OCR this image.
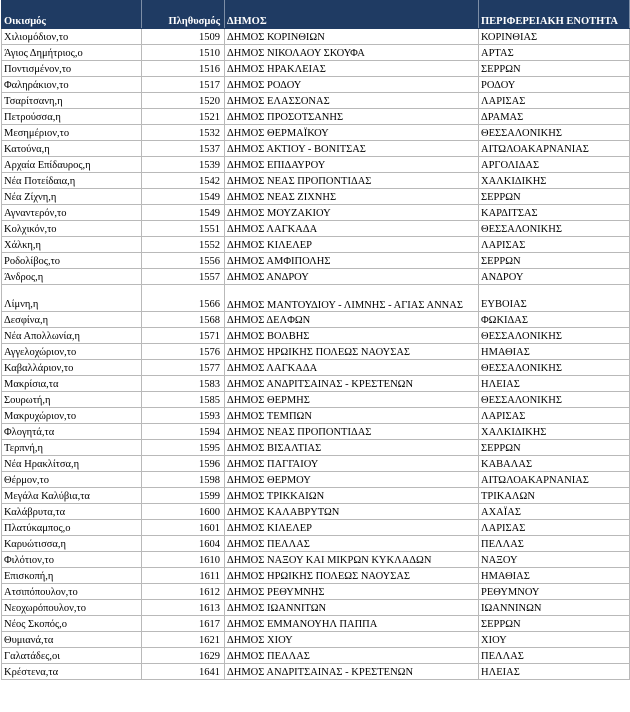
Οικισμός	Πληθυσμός	ΔΗΜΟΣ	ΠΕΡΙΦΕΡΕΙΑΚΗ ΕΝΟΤΗΤΑ
Χιλιομόδιον,το	1509	ΔΗΜΟΣ ΚΟΡΙΝΘΙΩΝ	ΚΟΡΙΝΘΙΑΣ
Άγιος Δημήτριος,ο	1510	ΔΗΜΟΣ ΝΙΚΟΛΑΟΥ ΣΚΟΥΦΑ	ΑΡΤΑΣ
Ποντισμένον,το	1516	ΔΗΜΟΣ ΗΡΑΚΛΕΙΑΣ	ΣΕΡΡΩΝ
Φαληράκιον,το	1517	ΔΗΜΟΣ ΡΟΔΟΥ	ΡΟΔΟΥ
Τσαρίτσανη,η	1520	ΔΗΜΟΣ ΕΛΑΣΣΟΝΑΣ	ΛΑΡΙΣΑΣ
Πετρούσσα,η	1521	ΔΗΜΟΣ ΠΡΟΣΟΤΣΑΝΗΣ	ΔΡΑΜΑΣ
Μεσημέριον,το	1532	ΔΗΜΟΣ ΘΕΡΜΑΪΚΟΥ	ΘΕΣΣΑΛΟΝΙΚΗΣ
Κατούνα,η	1537	ΔΗΜΟΣ ΑΚΤΙΟΥ - ΒΟΝΙΤΣΑΣ	ΑΙΤΩΛΟΑΚΑΡΝΑΝΙΑΣ
Αρχαία Επίδαυρος,η	1539	ΔΗΜΟΣ ΕΠΙΔΑΥΡΟΥ	ΑΡΓΟΛΙΔΑΣ
Νέα Ποτείδαια,η	1542	ΔΗΜΟΣ ΝΕΑΣ ΠΡΟΠΟΝΤΙΔΑΣ	ΧΑΛΚΙΔΙΚΗΣ
Νέα Ζίχνη,η	1549	ΔΗΜΟΣ ΝΕΑΣ ΖΙΧΝΗΣ	ΣΕΡΡΩΝ
Αγναντερόν,το	1549	ΔΗΜΟΣ ΜΟΥΖΑΚΙΟΥ	ΚΑΡΔΙΤΣΑΣ
Κολχικόν,το	1551	ΔΗΜΟΣ ΛΑΓΚΑΔΑ	ΘΕΣΣΑΛΟΝΙΚΗΣ
Χάλκη,η	1552	ΔΗΜΟΣ ΚΙΛΕΛΕΡ	ΛΑΡΙΣΑΣ
Ροδολίβος,το	1556	ΔΗΜΟΣ ΑΜΦΙΠΟΛΗΣ	ΣΕΡΡΩΝ
Άνδρος,η	1557	ΔΗΜΟΣ ΑΝΔΡΟΥ	ΑΝΔΡΟΥ
Λίμνη,η	1566	ΔΗΜΟΣ ΜΑΝΤΟΥΔΙΟΥ - ΛΙΜΝΗΣ - ΑΓΙΑΣ ΑΝΝΑΣ	ΕΥΒΟΙΑΣ
Δεσφίνα,η	1568	ΔΗΜΟΣ ΔΕΛΦΩΝ	ΦΩΚΙΔΑΣ
Νέα Απολλωνία,η	1571	ΔΗΜΟΣ ΒΟΛΒΗΣ	ΘΕΣΣΑΛΟΝΙΚΗΣ
Αγγελοχώριον,το	1576	ΔΗΜΟΣ ΗΡΩΙΚΗΣ ΠΟΛΕΩΣ ΝΑΟΥΣΑΣ	ΗΜΑΘΙΑΣ
Καβαλλάριον,το	1577	ΔΗΜΟΣ ΛΑΓΚΑΔΑ	ΘΕΣΣΑΛΟΝΙΚΗΣ
Μακρίσια,τα	1583	ΔΗΜΟΣ ΑΝΔΡΙΤΣΑΙΝΑΣ - ΚΡΕΣΤΕΝΩΝ	ΗΛΕΙΑΣ
Σουρωτή,η	1585	ΔΗΜΟΣ ΘΕΡΜΗΣ	ΘΕΣΣΑΛΟΝΙΚΗΣ
Μακρυχώριον,το	1593	ΔΗΜΟΣ ΤΕΜΠΩΝ	ΛΑΡΙΣΑΣ
Φλογητά,τα	1594	ΔΗΜΟΣ ΝΕΑΣ ΠΡΟΠΟΝΤΙΔΑΣ	ΧΑΛΚΙΔΙΚΗΣ
Τερπνή,η	1595	ΔΗΜΟΣ ΒΙΣΑΛΤΙΑΣ	ΣΕΡΡΩΝ
Νέα Ηρακλίτσα,η	1596	ΔΗΜΟΣ ΠΑΓΓΑΙΟΥ	ΚΑΒΑΛΑΣ
Θέρμον,το	1598	ΔΗΜΟΣ ΘΕΡΜΟΥ	ΑΙΤΩΛΟΑΚΑΡΝΑΝΙΑΣ
Μεγάλα Καλύβια,τα	1599	ΔΗΜΟΣ ΤΡΙΚΚΑΙΩΝ	ΤΡΙΚΑΛΩΝ
Καλάβρυτα,τα	1600	ΔΗΜΟΣ ΚΑΛΑΒΡΥΤΩΝ	ΑΧΑΪΑΣ
Πλατύκαμπος,ο	1601	ΔΗΜΟΣ ΚΙΛΕΛΕΡ	ΛΑΡΙΣΑΣ
Καρυώτισσα,η	1604	ΔΗΜΟΣ ΠΕΛΛΑΣ	ΠΕΛΛΑΣ
Φιλότιον,το	1610	ΔΗΜΟΣ ΝΑΞΟΥ ΚΑΙ ΜΙΚΡΩΝ ΚΥΚΛΑΔΩΝ	ΝΑΞΟΥ
Επισκοπή,η	1611	ΔΗΜΟΣ ΗΡΩΙΚΗΣ ΠΟΛΕΩΣ ΝΑΟΥΣΑΣ	ΗΜΑΘΙΑΣ
Ατσιπόπουλον,το	1612	ΔΗΜΟΣ ΡΕΘΥΜΝΗΣ	ΡΕΘΥΜΝΟΥ
Νεοχωρόπουλον,το	1613	ΔΗΜΟΣ ΙΩΑΝΝΙΤΩΝ	ΙΩΑΝΝΙΝΩΝ
Νέος Σκοπός,ο	1617	ΔΗΜΟΣ ΕΜΜΑΝΟΥΗΛ ΠΑΠΠΑ	ΣΕΡΡΩΝ
Θυμιανά,τα	1621	ΔΗΜΟΣ ΧΙΟΥ	ΧΙΟΥ
Γαλατάδες,οι	1629	ΔΗΜΟΣ ΠΕΛΛΑΣ	ΠΕΛΛΑΣ
Κρέστενα,τα	1641	ΔΗΜΟΣ ΑΝΔΡΙΤΣΑΙΝΑΣ - ΚΡΕΣΤΕΝΩΝ	ΗΛΕΙΑΣ
